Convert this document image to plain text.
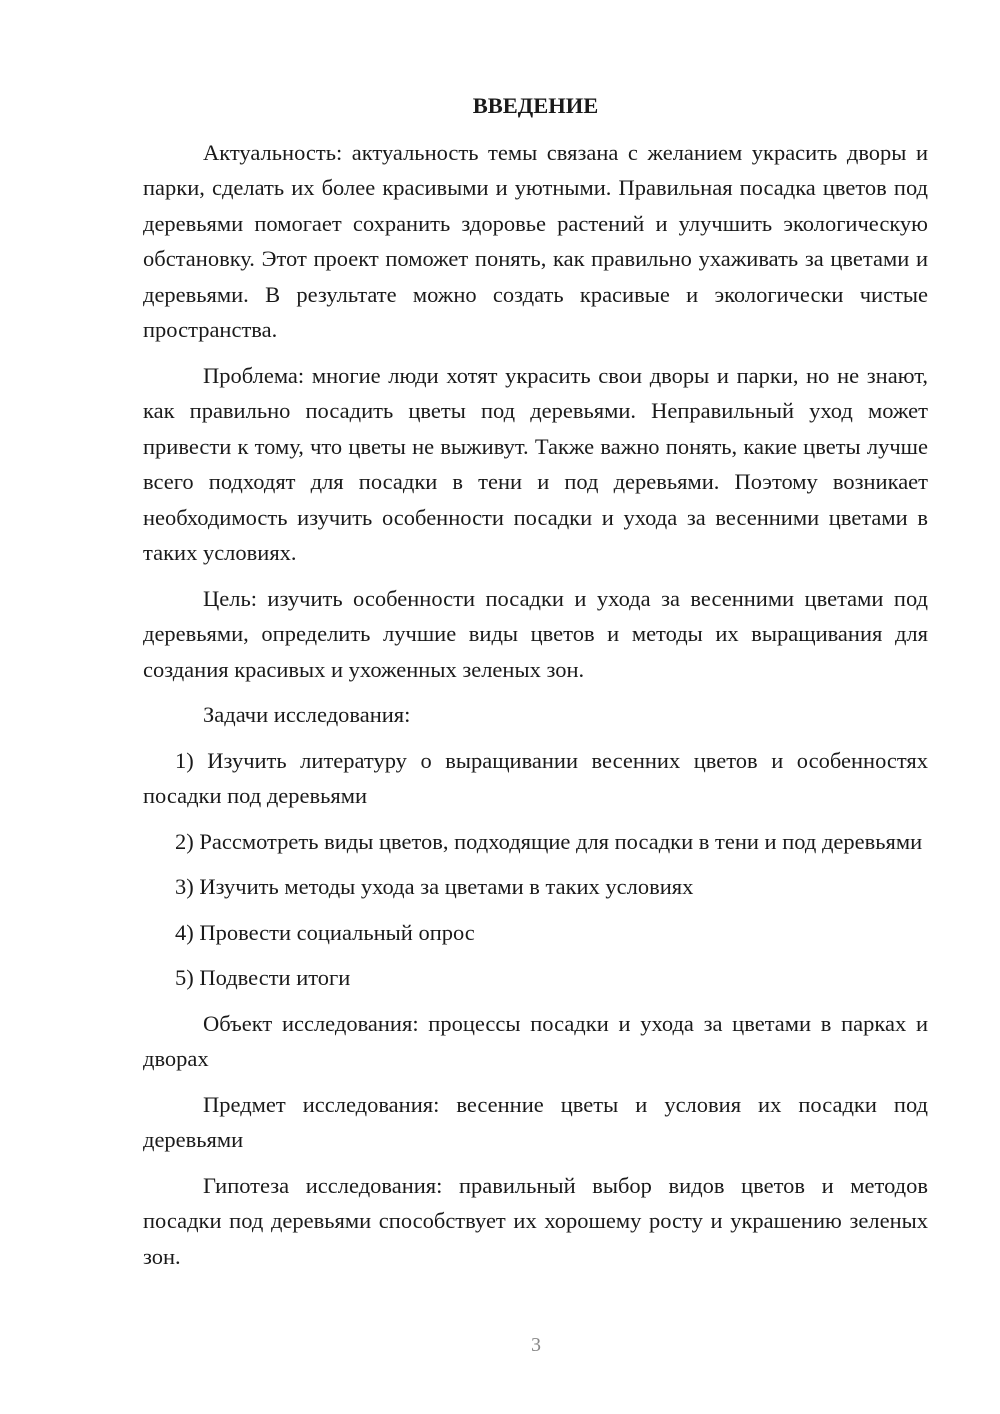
ВВЕДЕНИЕ

Актуальность: актуальность темы связана с желанием украсить дворы и парки, сделать их более красивыми и уютными. Правильная посадка цветов под деревьями помогает сохранить здоровье растений и улучшить экологическую обстановку. Этот проект поможет понять, как правильно ухаживать за цветами и деревьями. В результате можно создать красивые и экологически чистые пространства.

Проблема: многие люди хотят украсить свои дворы и парки, но не знают, как правильно посадить цветы под деревьями. Неправильный уход может привести к тому, что цветы не выживут. Также важно понять, какие цветы лучше всего подходят для посадки в тени и под деревьями. Поэтому возникает необходимость изучить особенности посадки и ухода за весенними цветами в таких условиях.

Цель: изучить особенности посадки и ухода за весенними цветами под деревьями, определить лучшие виды цветов и методы их выращивания для создания красивых и ухоженных зеленых зон.

Задачи исследования:

1) Изучить литературу о выращивании весенних цветов и особенностях посадки под деревьями

2) Рассмотреть виды цветов, подходящие для посадки в тени и под деревьями

3) Изучить методы ухода за цветами в таких условиях

4) Провести социальный опрос

5) Подвести итоги

Объект исследования: процессы посадки и ухода за цветами в парках и дворах

Предмет исследования: весенние цветы и условия их посадки под деревьями

Гипотеза исследования: правильный выбор видов цветов и методов посадки под деревьями способствует их хорошему росту и украшению зеленых зон.

3
